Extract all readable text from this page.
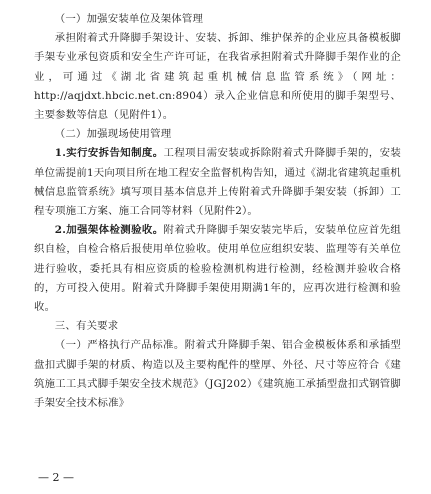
（一）加强安装单位及架体管理

承担附着式升降脚手架设计、安装、拆卸、维护保养的企业应具备模板脚手架专业承包资质和安全生产许可证，在我省承担附着式升降脚手架作业的企业，可通过《湖北省建筑起重机械信息监管系统》（网址：http://aqjdxt.hbcic.net.cn:8904）录入企业信息和所使用的脚手架型号、主要参数等信息（见附件1）。

（二）加强现场使用管理

1.实行安拆告知制度。工程项目需安装或拆除附着式升降脚手架的，安装单位需提前1天向项目所在地工程安全监督机构告知，通过《湖北省建筑起重机械信息监管系统》填写项目基本信息并上传附着式升降脚手架安装（拆卸）工程专项施工方案、施工合同等材料（见附件2）。

2.加强架体检测验收。附着式升降脚手架安装完毕后，安装单位应首先组织自检，自检合格后报使用单位验收。使用单位应组织安装、监理等有关单位进行验收，委托具有相应资质的检验检测机构进行检测，经检测并验收合格的，方可投入使用。附着式升降脚手架使用期满1年的，应再次进行检测和验收。

三、有关要求

（一）严格执行产品标准。附着式升降脚手架、铝合金模板体系和承插型盘扣式脚手架的材质、构造以及主要构配件的壁厚、外径、尺寸等应符合《建筑施工工具式脚手架安全技术规范》（JGJ202）《建筑施工承插型盘扣式钢管脚手架安全技术标准》

— 2 —
